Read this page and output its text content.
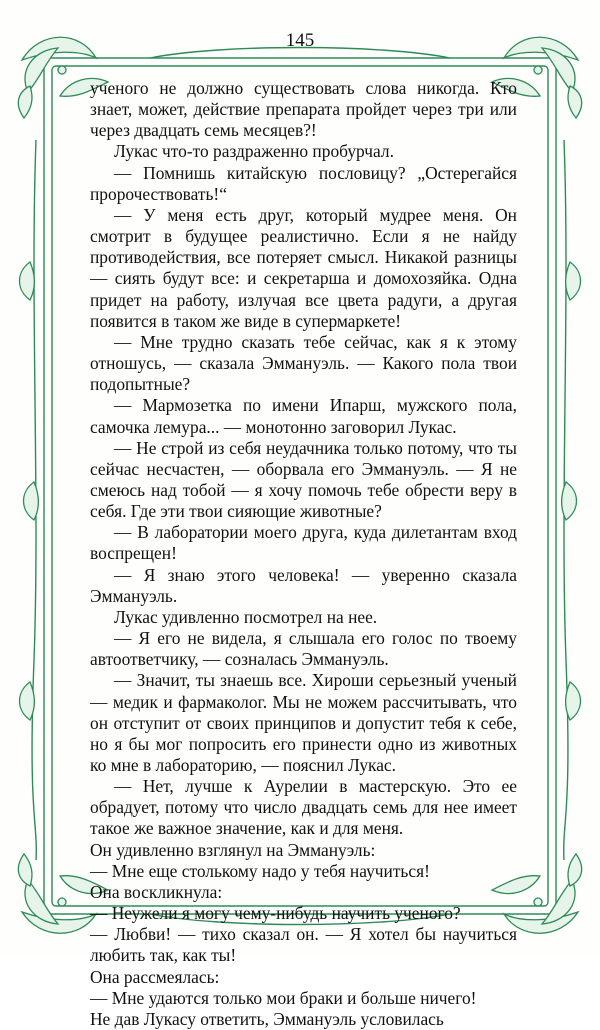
145

ученого не должно существовать слова никогда. Кто знает, может, действие препарата пройдет через три или через двадцать семь месяцев?!

Лукас что-то раздраженно пробурчал.

— Помнишь китайскую пословицу? „Остерегайся пророчествовать!“

— У меня есть друг, который мудрее меня. Он смотрит в будущее реалистично. Если я не найду противодействия, все потеряет смысл. Никакой разницы — сиять будут все: и секретарша и домохозяйка. Одна придет на работу, излучая все цвета радуги, а другая появится в таком же виде в супермаркете!

— Мне трудно сказать тебе сейчас, как я к этому отношусь, — сказала Эммануэль. — Какого пола твои подопытные?

— Мармозетка по имени Ипарш, мужского пола, самочка лемура... — монотонно заговорил Лукас.

— Не строй из себя неудачника только потому, что ты сейчас несчастен, — оборвала его Эммануэль. — Я не смеюсь над тобой — я хочу помочь тебе обрести веру в себя. Где эти твои сияющие животные?

— В лаборатории моего друга, куда дилетантам вход воспрещен!

— Я знаю этого человека! — уверенно сказала Эммануэль.

Лукас удивленно посмотрел на нее.

— Я его не видела, я слышала его голос по твоему автоответчику, — созналась Эммануэль.

— Значит, ты знаешь все. Хироши серьезный ученый — медик и фармаколог. Мы не можем рассчитывать, что он отступит от своих принципов и допустит тебя к себе, но я бы мог попросить его принести одно из животных ко мне в лабораторию, — пояснил Лукас.

— Нет, лучше к Аурелии в мастерскую. Это ее обрадует, потому что число двадцать семь для нее имеет такое же важное значение, как и для меня.

Он удивленно взглянул на Эммануэль:

— Мне еще столькому надо у тебя научиться!

Она воскликнула:

— Неужели я могу чему-нибудь научить ученого?

— Любви! — тихо сказал он. — Я хотел бы научиться любить так, как ты!

Она рассмеялась:

— Мне удаются только мои браки и больше ничего!

Не дав Лукасу ответить, Эммануэль условилась
